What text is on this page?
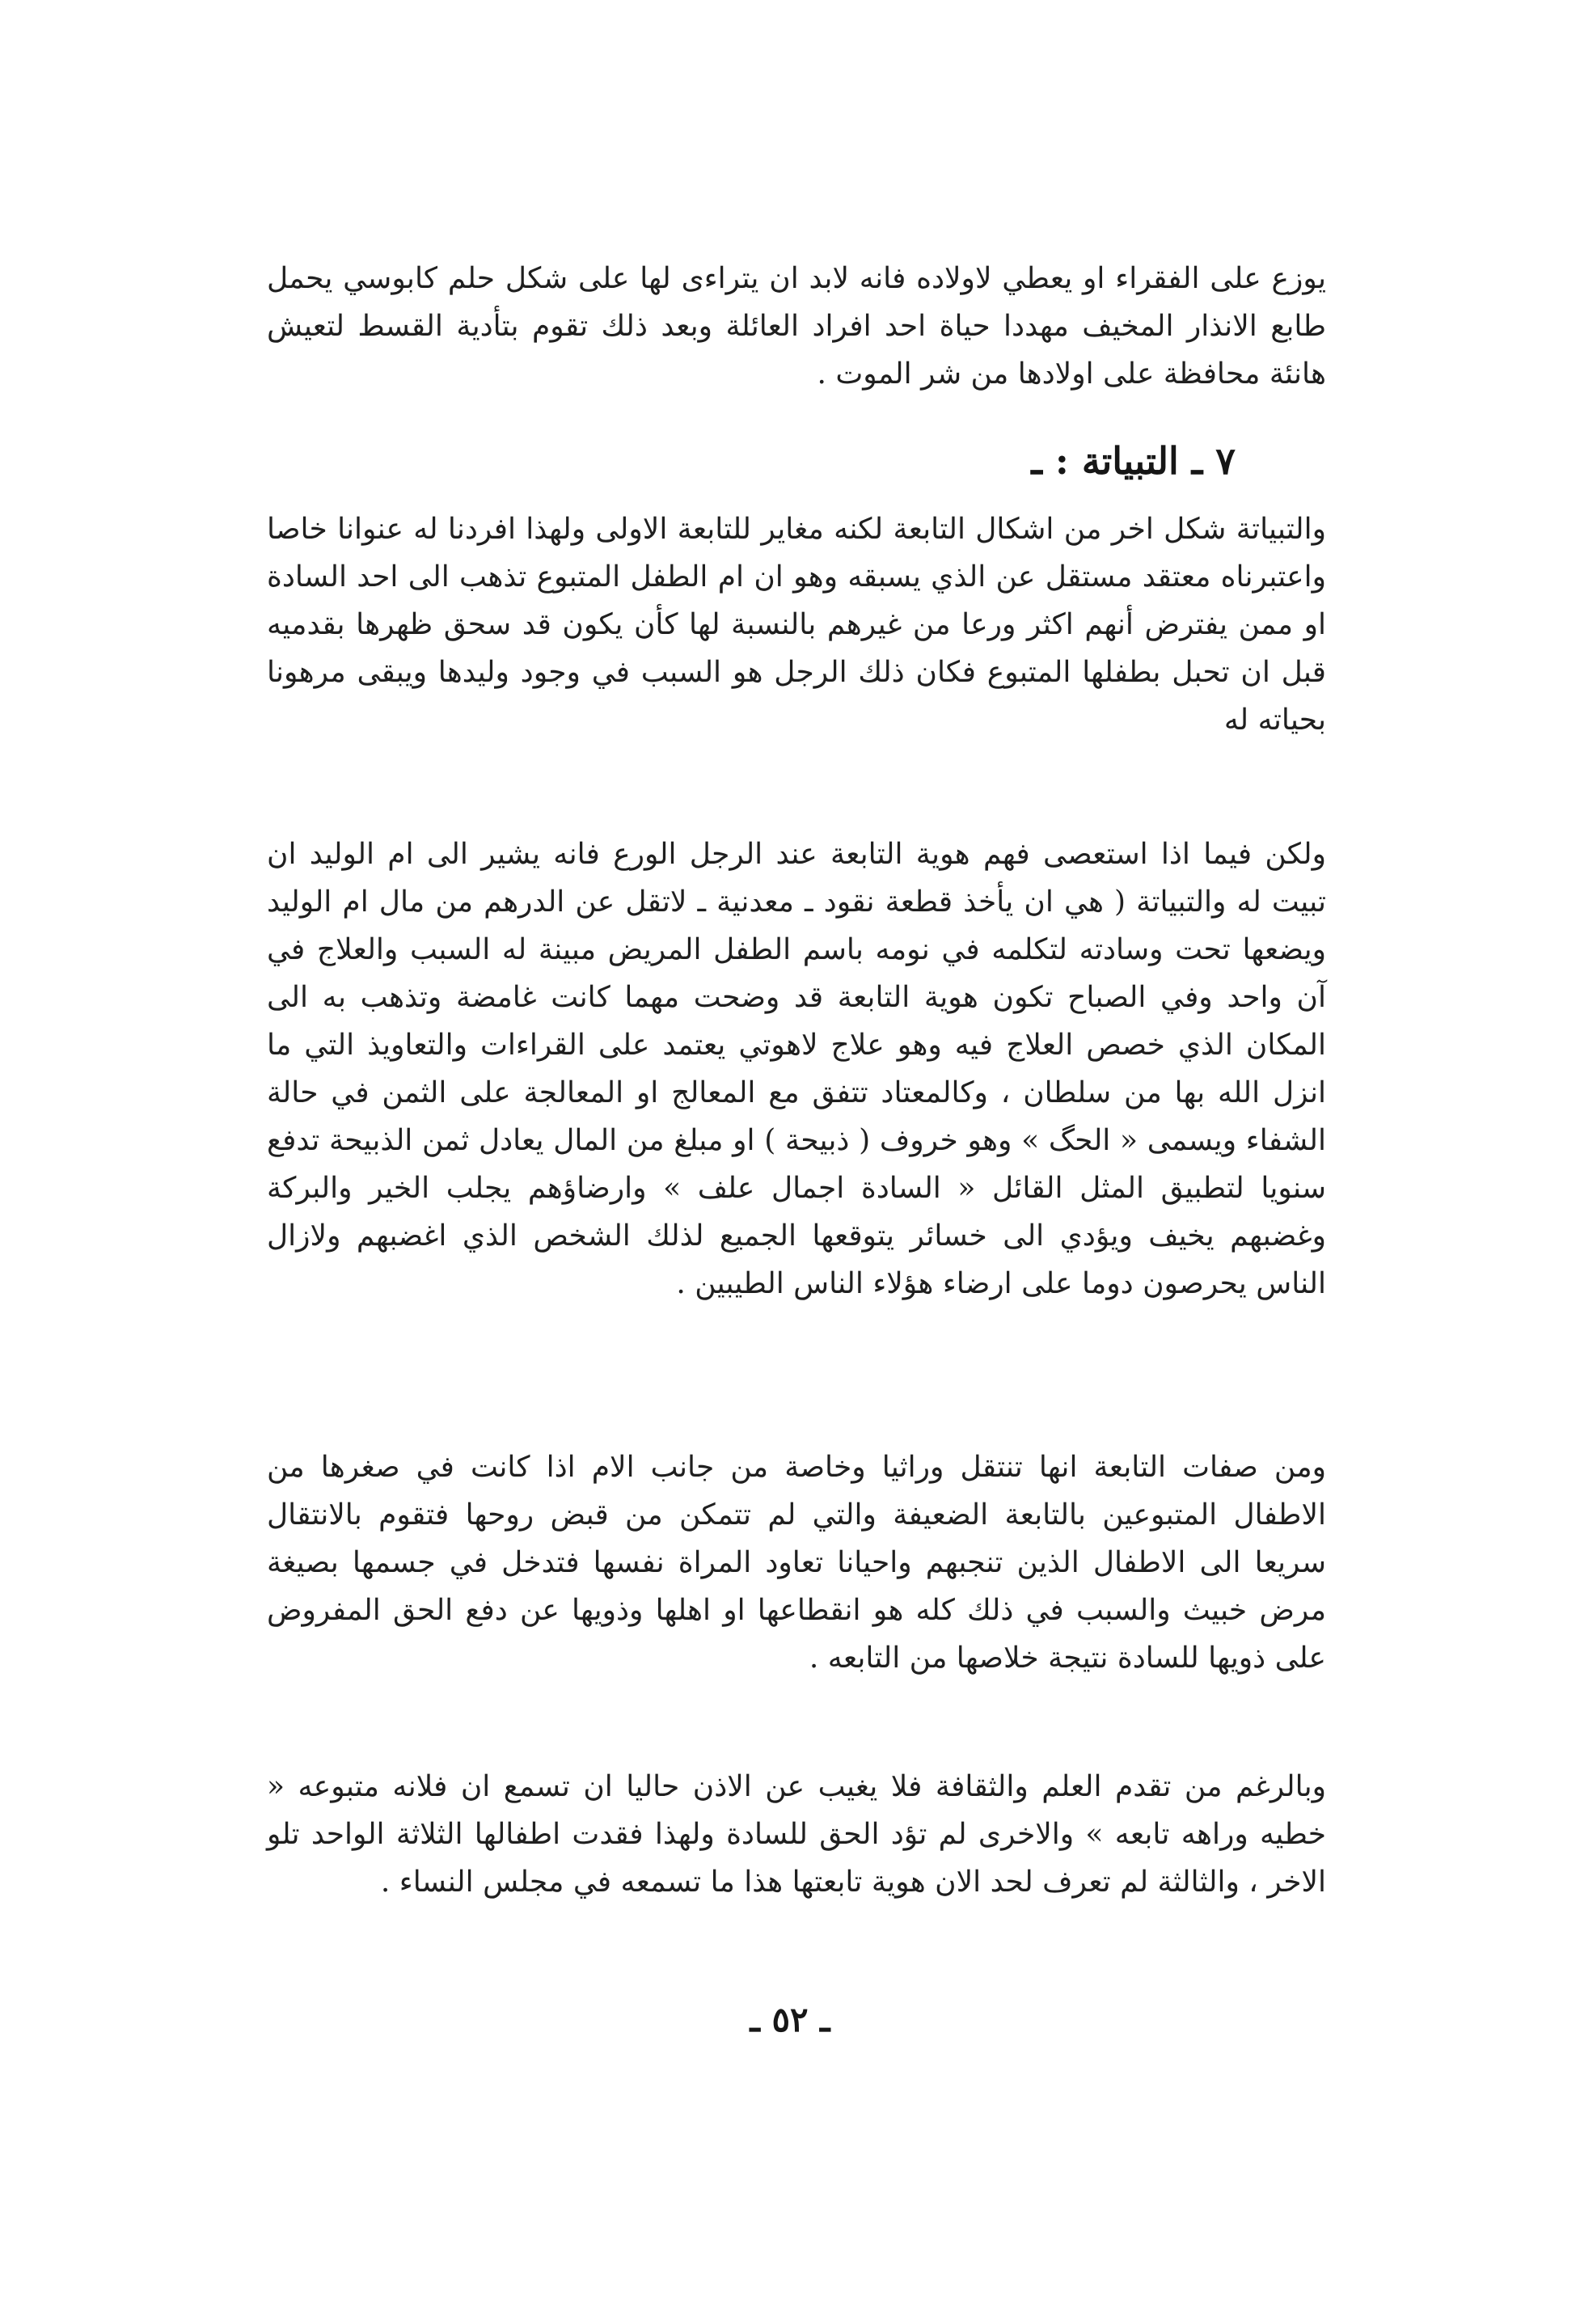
يوزع على الفقراء او يعطي لاولاده فانه لابد ان يتراءى لها على شكل حلم كابوسي يحمل طابع الانذار المخيف مهددا حياة احد افراد العائلة وبعد ذلك تقوم بتأدية القسط لتعيش هانئة محافظة على اولادها من شر الموت .

٧ ـ التبياتة : ـ

والتبياتة شكل اخر من اشكال التابعة لكنه مغاير للتابعة الاولى ولهذا افردنا له عنوانا خاصا واعتبرناه معتقد مستقل عن الذي يسبقه وهو ان ام الطفل المتبوع تذهب الى احد السادة او ممن يفترض أنهم اكثر ورعا من غيرهم بالنسبة لها كأن يكون قد سحق ظهرها بقدميه قبل ان تحبل بطفلها المتبوع فكان ذلك الرجل هو السبب في وجود وليدها ويبقى مرهونا بحياته له

ولكن فيما اذا استعصى فهم هوية التابعة عند الرجل الورع فانه يشير الى ام الوليد ان تبيت له والتبياتة ( هي ان يأخذ قطعة نقود ـ معدنية ـ لاتقل عن الدرهم من مال ام الوليد ويضعها تحت وسادته لتكلمه في نومه باسم الطفل المريض مبينة له السبب والعلاج في آن واحد وفي الصباح تكون هوية التابعة قد وضحت مهما كانت غامضة وتذهب به الى المكان الذي خصص العلاج فيه وهو علاج لاهوتي يعتمد على القراءات والتعاويذ التي ما انزل الله بها من سلطان ، وكالمعتاد تتفق مع المعالج او المعالجة على الثمن في حالة الشفاء ويسمى « الحگ » وهو خروف ( ذبيحة ) او مبلغ من المال يعادل ثمن الذبيحة تدفع سنويا لتطبيق المثل القائل « السادة اجمال علف » وارضاؤهم يجلب الخير والبركة وغضبهم يخيف ويؤدي الى خسائر يتوقعها الجميع لذلك الشخص الذي اغضبهم ولازال الناس يحرصون دوما على ارضاء هؤلاء الناس الطيبين .

ومن صفات التابعة انها تنتقل وراثيا وخاصة من جانب الام اذا كانت في صغرها من الاطفال المتبوعين بالتابعة الضعيفة والتي لم تتمكن من قبض روحها فتقوم بالانتقال سريعا الى الاطفال الذين تنجبهم واحيانا تعاود المراة نفسها فتدخل في جسمها بصيغة مرض خبيث والسبب في ذلك كله هو انقطاعها او اهلها وذويها عن دفع الحق المفروض على ذويها للسادة نتيجة خلاصها من التابعه .

وبالرغم من تقدم العلم والثقافة فلا يغيب عن الاذن حاليا ان تسمع ان فلانه متبوعه « خطيه وراهه تابعه » والاخرى لم تؤد الحق للسادة ولهذا فقدت اطفالها الثلاثة الواحد تلو الاخر ، والثالثة لم تعرف لحد الان هوية تابعتها هذا ما تسمعه في مجلس النساء .

ـ ٥٢ ـ
